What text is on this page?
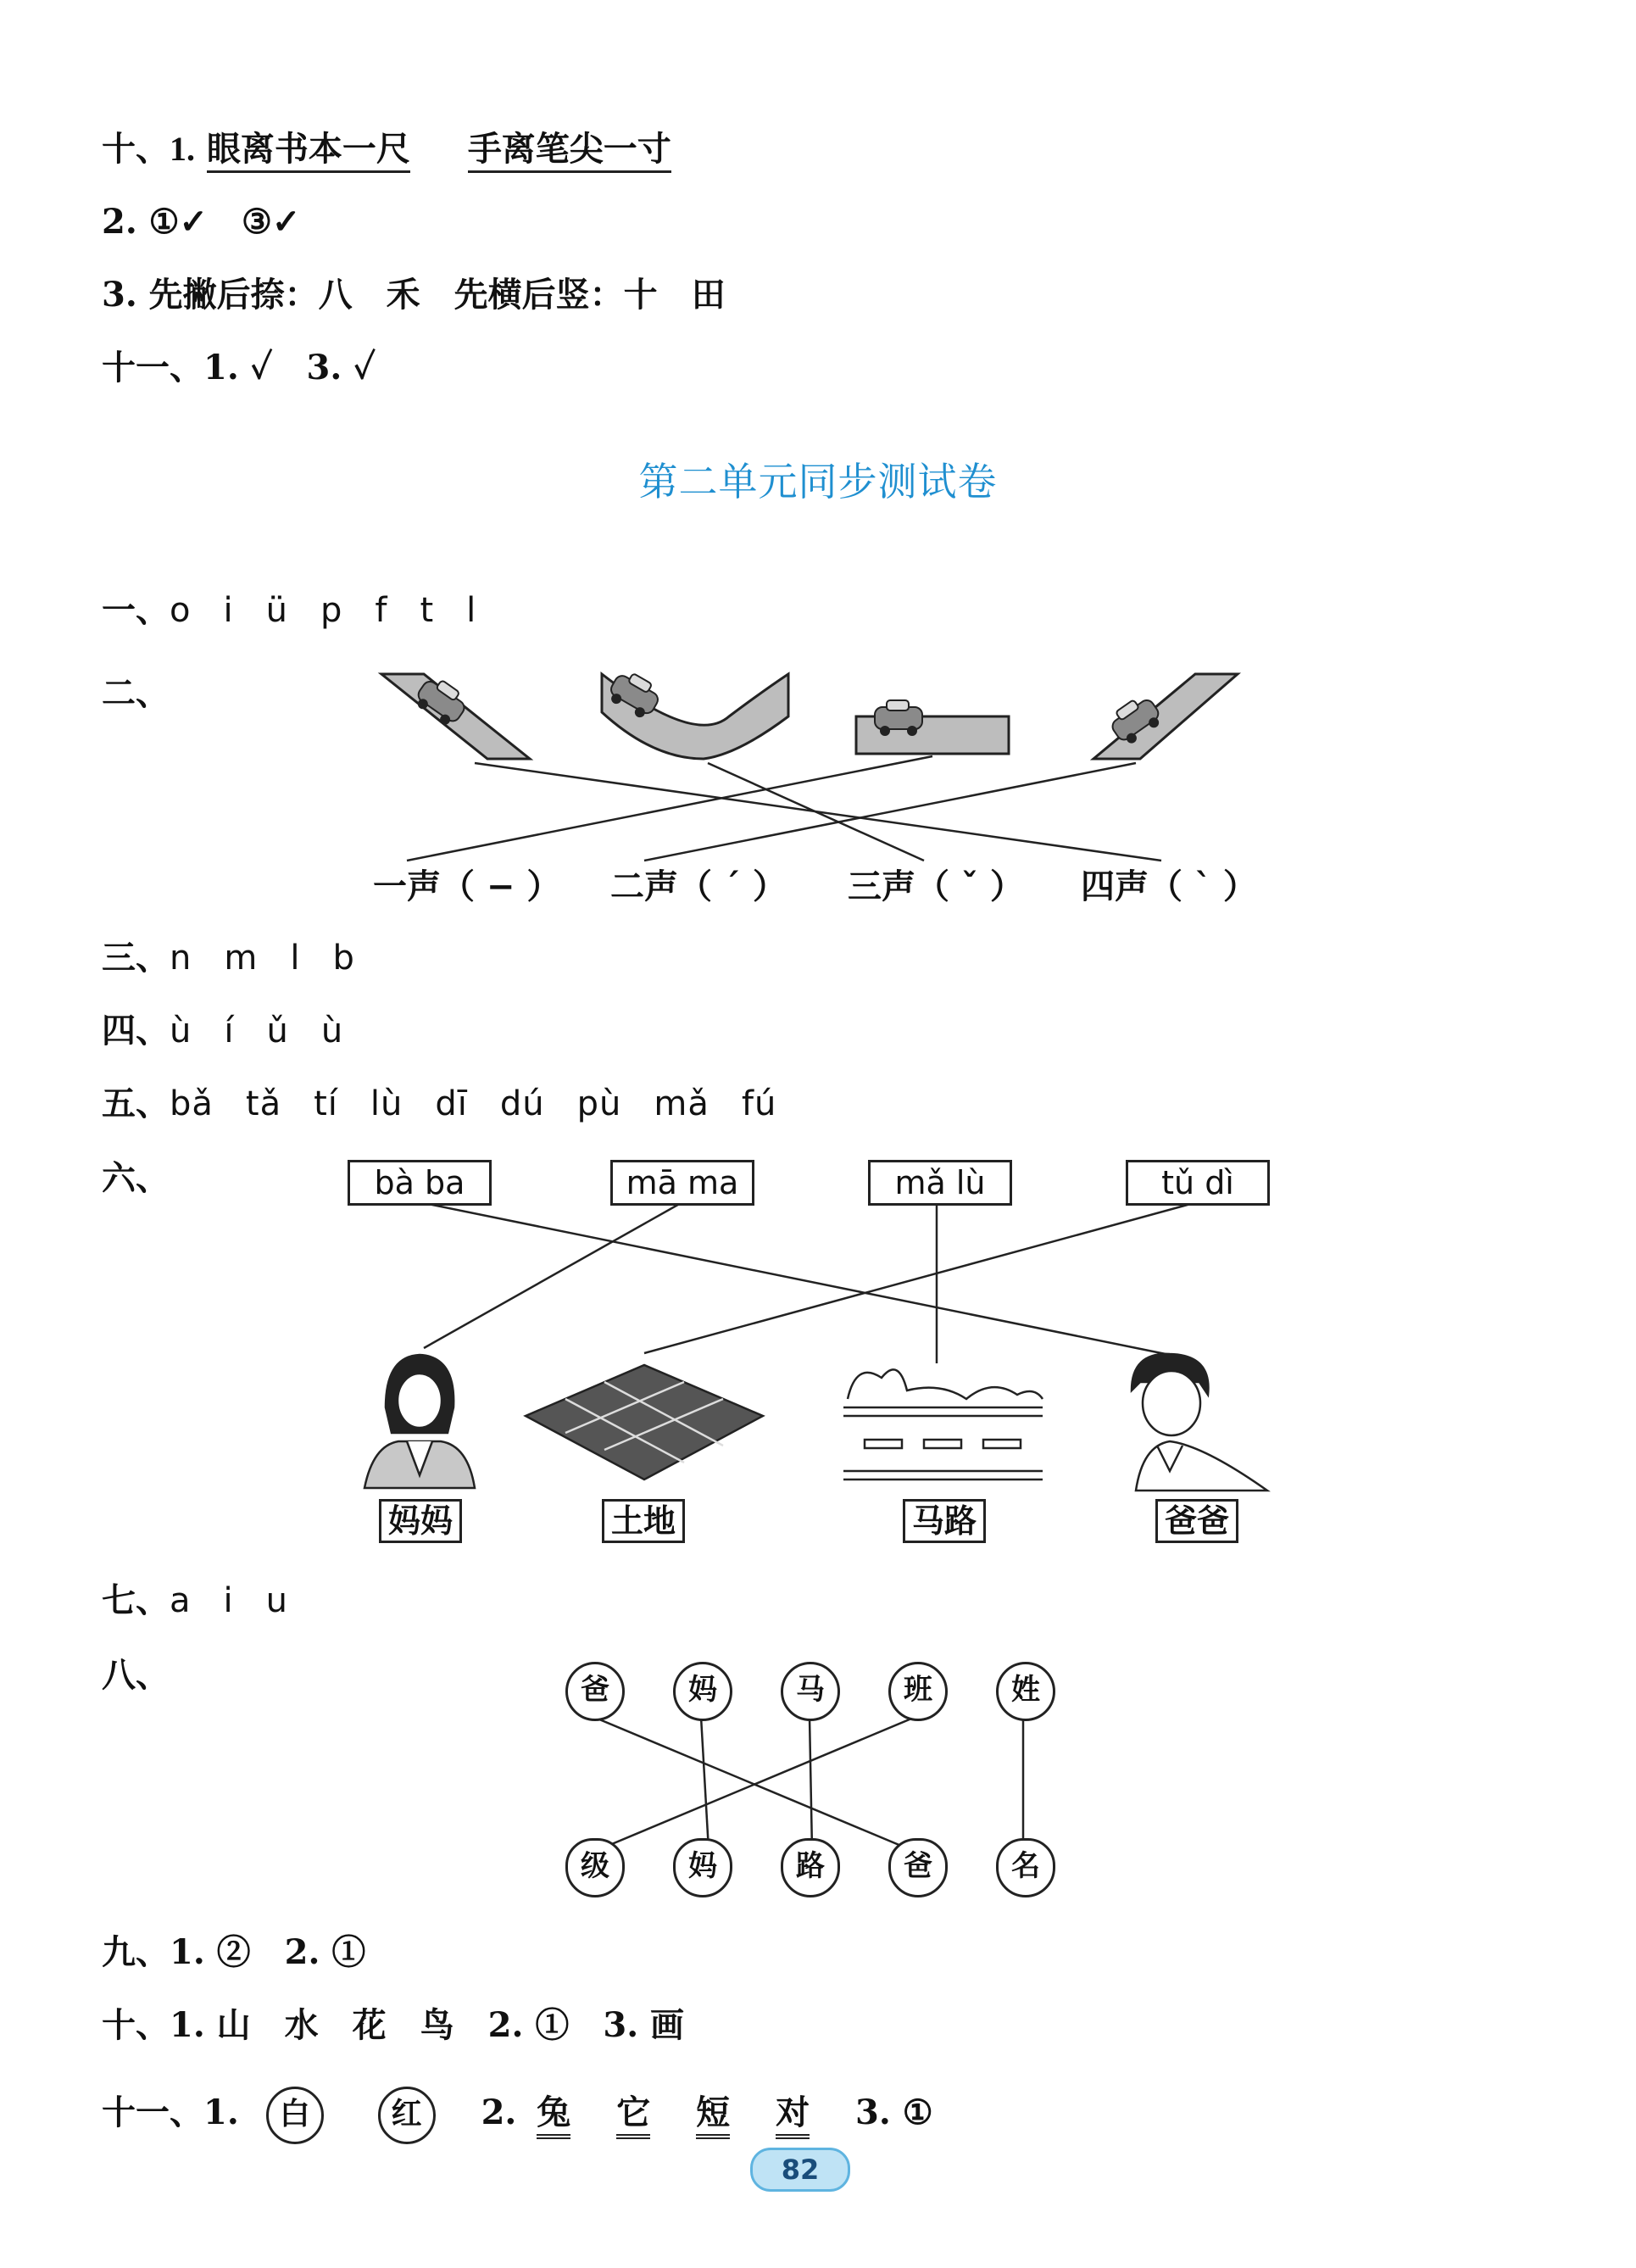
十、1. 眼离书本一尺 手离笔尖一寸
2. ①✓　③✓
3. 先撇后捺：八　禾　先横后竖：十　田
十一、1. ✓　3. ✓
第二单元同步测试卷
一、o i ü p f t l
二、
一声（ − ） 二声（ ˊ ） 三声（ ˇ ） 四声（ ˋ ）
三、n m l b
四、ù í ǔ ù
五、bǎ tǎ tí lù dī dú pù mǎ fú
六、	bà ba	mā ma	mǎ lù	tǔ dì
妈妈	土地	马路	爸爸
七、a i u
八、	爸	妈	马	班	姓
级	妈	路	爸	名
九、1. ②　2. ①
十、1. 山　水　花　鸟　2. ①　3. 画
十一、1. 白	红 2. 兔 它 短 对 3. ①
82
